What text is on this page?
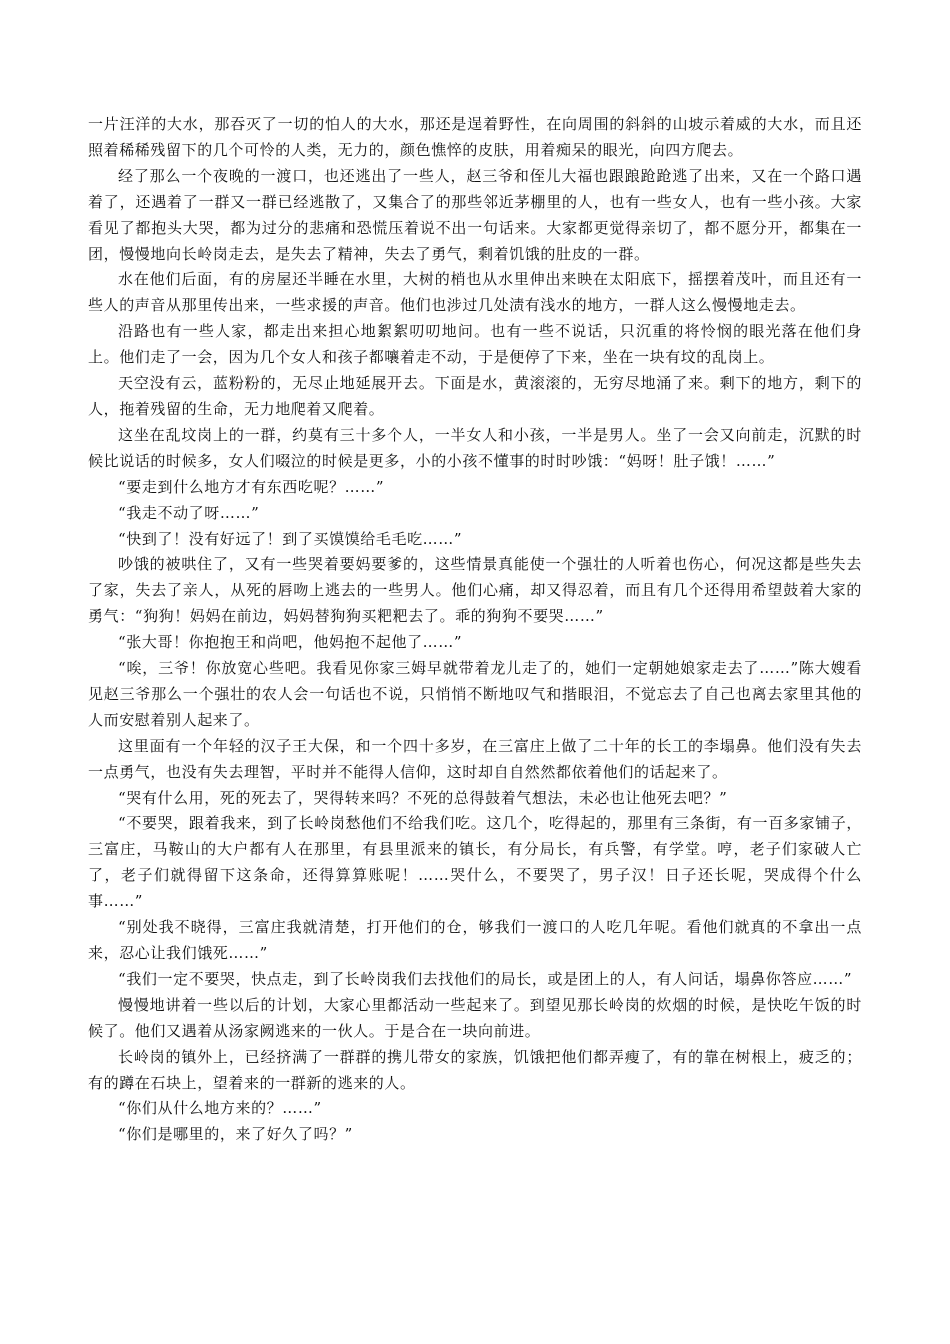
一片汪洋的大水，那吞灭了一切的怕人的大水，那还是逞着野性，在向周围的斜斜的山坡示着威的大水，而且还照着稀稀残留下的几个可怜的人类，无力的，颜色憔悴的皮肤，用着痴呆的眼光，向四方爬去。

经了那么一个夜晚的一渡口，也还逃出了一些人，赵三爷和侄儿大福也跟踉跄跄逃了出来，又在一个路口遇着了，还遇着了一群又一群已经逃散了，又集合了的那些邻近茅棚里的人，也有一些女人，也有一些小孩。大家看见了都抱头大哭，都为过分的悲痛和恐慌压着说不出一句话来。大家都更觉得亲切了，都不愿分开，都集在一团，慢慢地向长岭岗走去，是失去了精神，失去了勇气，剩着饥饿的肚皮的一群。

水在他们后面，有的房屋还半睡在水里，大树的梢也从水里伸出来映在太阳底下，摇摆着茂叶，而且还有一些人的声音从那里传出来，一些求援的声音。他们也涉过几处渍有浅水的地方，一群人这么慢慢地走去。

沿路也有一些人家，都走出来担心地絮絮叨叨地问。也有一些不说话，只沉重的将怜悯的眼光落在他们身上。他们走了一会，因为几个女人和孩子都嚷着走不动，于是便停了下来，坐在一块有坟的乱岗上。

天空没有云，蓝粉粉的，无尽止地延展开去。下面是水，黄滚滚的，无穷尽地涌了来。剩下的地方，剩下的人，拖着残留的生命，无力地爬着又爬着。

这坐在乱坟岗上的一群，约莫有三十多个人，一半女人和小孩，一半是男人。坐了一会又向前走，沉默的时候比说话的时候多，女人们啜泣的时候是更多，小的小孩不懂事的时时吵饿：“妈呀！肚子饿！……”

“要走到什么地方才有东西吃呢？……”

“我走不动了呀……”

“快到了！没有好远了！到了买馍馍给毛毛吃……”

吵饿的被哄住了，又有一些哭着要妈要爹的，这些情景真能使一个强壮的人听着也伤心，何况这都是些失去了家，失去了亲人，从死的唇吻上逃去的一些男人。他们心痛，却又得忍着，而且有几个还得用希望鼓着大家的勇气：“狗狗！妈妈在前边，妈妈替狗狗买粑粑去了。乖的狗狗不要哭……”

“张大哥！你抱抱王和尚吧，他妈抱不起他了……”

“唉，三爷！你放宽心些吧。我看见你家三姆早就带着龙儿走了的，她们一定朝她娘家走去了……”陈大嫂看见赵三爷那么一个强壮的农人会一句话也不说，只悄悄不断地叹气和揩眼泪，不觉忘去了自己也离去家里其他的人而安慰着别人起来了。

这里面有一个年轻的汉子王大保，和一个四十多岁，在三富庄上做了二十年的长工的李塌鼻。他们没有失去一点勇气，也没有失去理智，平时并不能得人信仰，这时却自自然然都依着他们的话起来了。

“哭有什么用，死的死去了，哭得转来吗？不死的总得鼓着气想法，未必也让他死去吧？”

“不要哭，跟着我来，到了长岭岗愁他们不给我们吃。这几个，吃得起的，那里有三条街，有一百多家铺子，三富庄，马鞍山的大户都有人在那里，有县里派来的镇长，有分局长，有兵警，有学堂。哼，老子们家破人亡了，老子们就得留下这条命，还得算算账呢！……哭什么，不要哭了，男子汉！日子还长呢，哭成得个什么事……”

“别处我不晓得，三富庄我就清楚，打开他们的仓，够我们一渡口的人吃几年呢。看他们就真的不拿出一点来，忍心让我们饿死……”

“我们一定不要哭，快点走，到了长岭岗我们去找他们的局长，或是团上的人，有人问话，塌鼻你答应……”

慢慢地讲着一些以后的计划，大家心里都活动一些起来了。到望见那长岭岗的炊烟的时候，是快吃午饭的时候了。他们又遇着从汤家阙逃来的一伙人。于是合在一块向前进。

长岭岗的镇外上，已经挤满了一群群的携儿带女的家族，饥饿把他们都弄瘦了，有的靠在树根上，疲乏的；有的蹲在石块上，望着来的一群新的逃来的人。

“你们从什么地方来的？……”

“你们是哪里的，来了好久了吗？”
